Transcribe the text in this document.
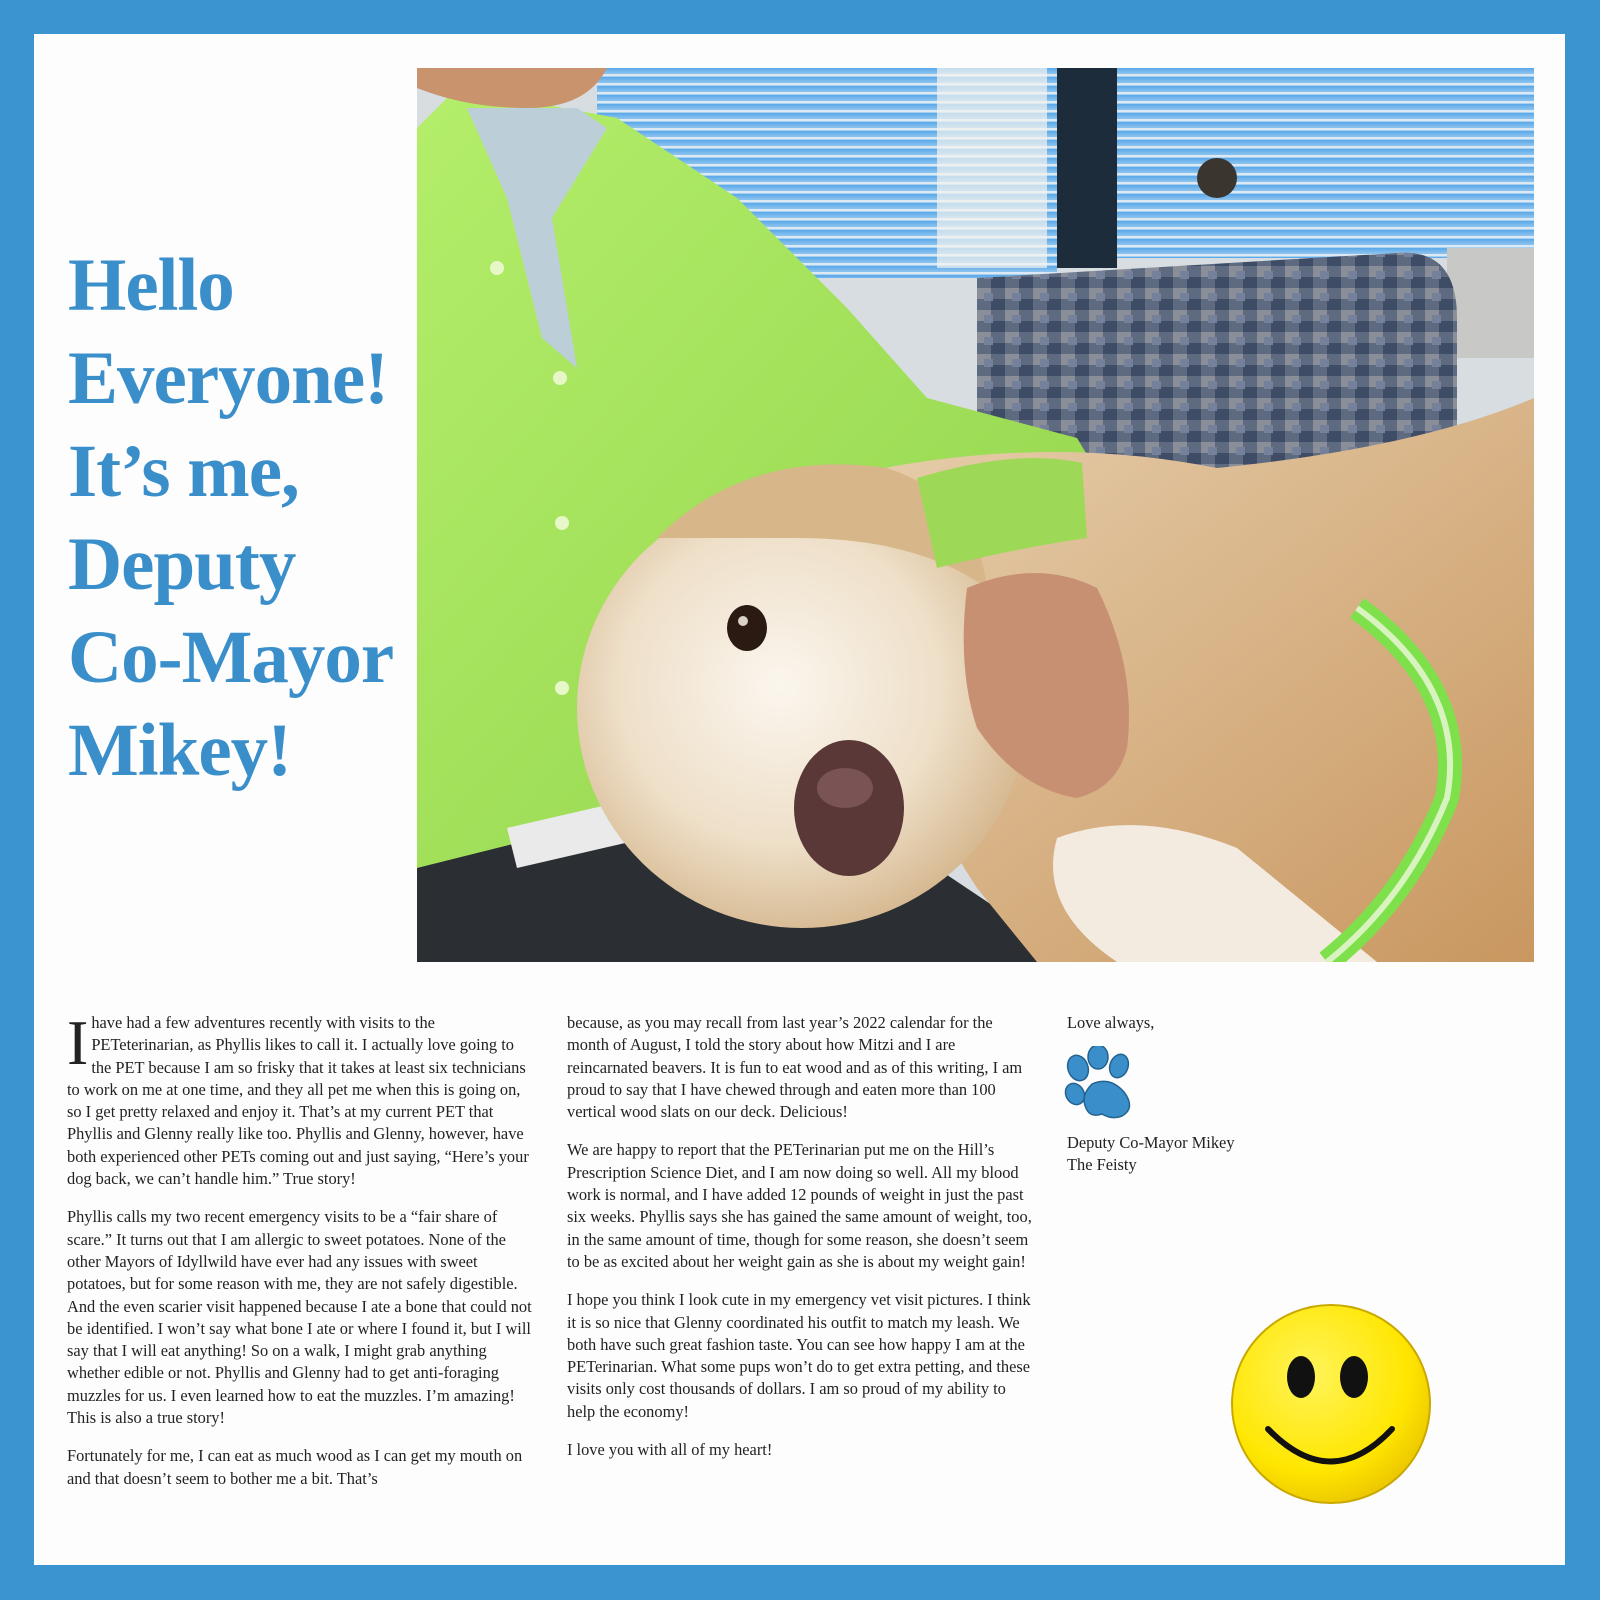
Hello
Everyone!
It’s me,
Deputy
Co-Mayor
Mikey!

Ihave had a few adventures recently with visits to the PETeterinarian, as Phyllis likes to call it. I actually love going to the PET because I am so frisky that it takes at least six technicians to work on me at one time, and they all pet me when this is going on, so I get pretty relaxed and enjoy it. That’s at my current PET that Phyllis and Glenny really like too. Phyllis and Glenny, however, have both experienced other PETs coming out and just saying, “Here’s your dog back, we can’t handle him.” True story!

Phyllis calls my two recent emergency visits to be a “fair share of scare.” It turns out that I am allergic to sweet potatoes. None of the other Mayors of Idyllwild have ever had any issues with sweet potatoes, but for some reason with me, they are not safely digestible. And the even scarier visit happened because I ate a bone that could not be identified. I won’t say what bone I ate or where I found it, but I will say that I will eat anything! So on a walk, I might grab anything whether edible or not. Phyllis and Glenny had to get anti-foraging muzzles for us. I even learned how to eat the muzzles. I’m amazing! This is also a true story!

Fortunately for me, I can eat as much wood as I can get my mouth on and that doesn’t seem to bother me a bit. That’s

because, as you may recall from last year’s 2022 calendar for the month of August, I told the story about how Mitzi and I are reincarnated beavers. It is fun to eat wood and as of this writing, I am proud to say that I have chewed through and eaten more than 100 vertical wood slats on our deck. Delicious!

We are happy to report that the PETerinarian put me on the Hill’s Prescription Science Diet, and I am now doing so well. All my blood work is normal, and I have added 12 pounds of weight in just the past six weeks. Phyllis says she has gained the same amount of weight, too, in the same amount of time, though for some reason, she doesn’t seem to be as excited about her weight gain as she is about my weight gain!

I hope you think I look cute in my emergency vet visit pictures. I think it is so nice that Glenny coordinated his outfit to match my leash. We both have such great fashion taste. You can see how happy I am at the PETerinarian. What some pups won’t do to get extra petting, and these visits only cost thousands of dollars. I am so proud of my ability to help the economy!

I love you with all of my heart!

Love always,

Deputy Co-Mayor Mikey
The Feisty
